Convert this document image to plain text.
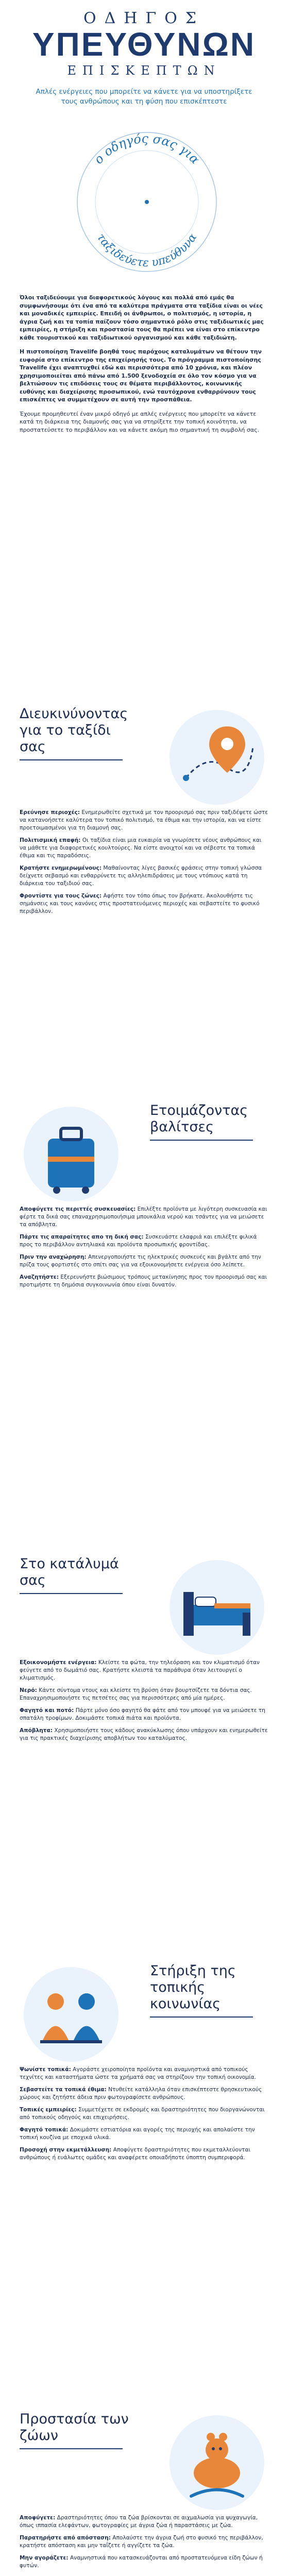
ΟΔΗΓΟΣ
ΥΠΕΥΘΥΝΩΝ
ΕΠΙΣΚΕΠΤΩΝ
Απλές ενέργειες που μπορείτε να κάνετε για να υποστηρίξετε τους ανθρώπους και τη φύση που επισκέπτεστε
ο οδηγός σας για
ταξιδεύετε υπεύθυνα

Όλοι ταξιδεύουμε για διαφορετικούς λόγους και πολλά από εμάς θα συμφωνήσουμε ότι ένα από τα καλύτερα πράγματα στα ταξίδια είναι οι νέες και μοναδικές εμπειρίες. Επειδή οι άνθρωποι, ο πολιτισμός, η ιστορία, η άγρια ζωή και τα τοπία παίζουν τόσο σημαντικό ρόλο στις ταξιδιωτικές μας εμπειρίες, η στήριξη και προστασία τους θα πρέπει να είναι στο επίκεντρο κάθε τουριστικού και ταξιδιωτικού οργανισμού και κάθε ταξιδιώτη.

Η πιστοποίηση Travelife βοηθά τους παρόχους καταλυμάτων να θέτουν την ευφορία στο επίκεντρο της επιχείρησής τους. Το πρόγραμμα πιστοποίησης Travelife έχει αναπτυχθεί εδώ και περισσότερα από 10 χρόνια, και πλέον χρησιμοποιείται από πάνω από 1.500 ξενοδοχεία σε όλο τον κόσμο για να βελτιώσουν τις επιδόσεις τους σε θέματα περιβάλλοντος, κοινωνικής ευθύνης και διαχείρισης προσωπικού, ενώ ταυτόχρονα ενθαρρύνουν τους επισκέπτες να συμμετέχουν σε αυτή την προσπάθεια.

Έχουμε προμηθευτεί έναν μικρό οδηγό με απλές ενέργειες που μπορείτε να κάνετε κατά τη διάρκεια της διαμονής σας για να στηρίξετε την τοπική κοινότητα, να προστατεύσετε το περιβάλλον και να κάνετε ακόμη πιο σημαντική τη συμβολή σας.

Διευκινύνοντας για το ταξίδι σας

Ερεύνησε περιοχές: Ενημερωθείτε σχετικά με τον προορισμό σας πριν ταξιδέψετε ώστε να κατανοήσετε καλύτερα τον τοπικό πολιτισμό, τα έθιμα και την ιστορία, και να είστε προετοιμασμένοι για τη διαμονή σας.

Πολιτισμική επαφή: Οι ταξίδια είναι μια ευκαιρία να γνωρίσετε νέους ανθρώπους και να μάθετε για διαφορετικές κουλτούρες. Να είστε ανοιχτοί και να σέβεστε τα τοπικά έθιμα και τις παραδόσεις.

Κρατήστε ενημερωμένους: Μαθαίνοντας λίγες βασικές φράσεις στην τοπική γλώσσα δείχνετε σεβασμό και ενθαρρύνετε τις αλληλεπιδράσεις με τους ντόπιους κατά τη διάρκεια του ταξιδιού σας.

Φροντίστε για τους ζώνες: Αφήστε τον τόπο όπως τον βρήκατε. Ακολουθήστε τις σημάνσεις και τους κανόνες στις προστατευόμενες περιοχές και σεβαστείτε το φυσικό περιβάλλον.

Ετοιμάζοντας βαλίτσες

Αποφύγετε τις περιττές συσκευασίες: Επιλέξτε προϊόντα με λιγότερη συσκευασία και φέρτε τα δικά σας επαναχρησιμοποιήσιμα μπουκάλια νερού και τσάντες για να μειώσετε τα απόβλητα.

Πάρτε τις απαραίτητες απο τη δική σας: Συσκευάστε ελαφριά και επιλέξτε φιλικά προς το περιβάλλον αντηλιακά και προϊόντα προσωπικής φροντίδας.

Πριν την αναχώρηση: Απενεργοποιήστε τις ηλεκτρικές συσκευές και βγάλτε από την πρίζα τους φορτιστές στο σπίτι σας για να εξοικονομήσετε ενέργεια όσο λείπετε.

Αναζητήστε: Εξερευνήστε βιώσιμους τρόπους μετακίνησης προς τον προορισμό σας και προτιμήστε τη δημόσια συγκοινωνία όπου είναι δυνατόν.

Στο κατάλυμά σας

Εξοικονομήστε ενέργεια: Κλείστε τα φώτα, την τηλεόραση και τον κλιματισμό όταν φεύγετε από το δωμάτιό σας. Κρατήστε κλειστά τα παράθυρα όταν λειτουργεί ο κλιματισμός.

Νερό: Κάντε σύντομα ντους και κλείστε τη βρύση όταν βουρτσίζετε τα δόντια σας. Επαναχρησιμοποιήστε τις πετσέτες σας για περισσότερες από μία ημέρες.

Φαγητό και ποτό: Πάρτε μόνο όσο φαγητό θα φάτε από τον μπουφέ για να μειώσετε τη σπατάλη τροφίμων. Δοκιμάστε τοπικά πιάτα και προϊόντα.

Απόβλητα: Χρησιμοποιήστε τους κάδους ανακύκλωσης όπου υπάρχουν και ενημερωθείτε για τις πρακτικές διαχείρισης αποβλήτων του καταλύματος.

Στήριξη της τοπικής κοινωνίας

Ψωνίστε τοπικά: Αγοράστε χειροποίητα προϊόντα και αναμνηστικά από τοπικούς τεχνίτες και καταστήματα ώστε τα χρήματά σας να στηρίζουν την τοπική οικονομία.

Σεβαστείτε τα τοπικά έθιμα: Ντυθείτε κατάλληλα όταν επισκέπτεστε θρησκευτικούς χώρους και ζητήστε άδεια πριν φωτογραφίσετε ανθρώπους.

Τοπικές εμπειρίες: Συμμετέχετε σε εκδρομές και δραστηριότητες που διοργανώνονται από τοπικούς οδηγούς και επιχειρήσεις.

Φαγητό τοπικά: Δοκιμάστε εστιατόρια και αγορές της περιοχής και απολαύστε την τοπική κουζίνα με εποχικά υλικά.

Προσοχή στην εκμετάλλευση: Αποφύγετε δραστηριότητες που εκμεταλλεύονται ανθρώπους ή ευάλωτες ομάδες και αναφέρετε οποιαδήποτε ύποπτη συμπεριφορά.

Προστασία των ζώων

Αποφύγετε: Δραστηριότητες όπου τα ζώα βρίσκονται σε αιχμαλωσία για ψυχαγωγία, όπως ιππασία ελεφάντων, φωτογραφίες με άγρια ζώα ή παραστάσεις με ζώα.

Παρατηρήστε από απόσταση: Απολαύστε την άγρια ζωή στο φυσικό της περιβάλλον, κρατήστε απόσταση και μην ταΐζετε ή αγγίζετε τα ζώα.

Μην αγοράζετε: Αναμνηστικά που κατασκευάζονται από προστατευόμενα είδη ζώων ή φυτών.
